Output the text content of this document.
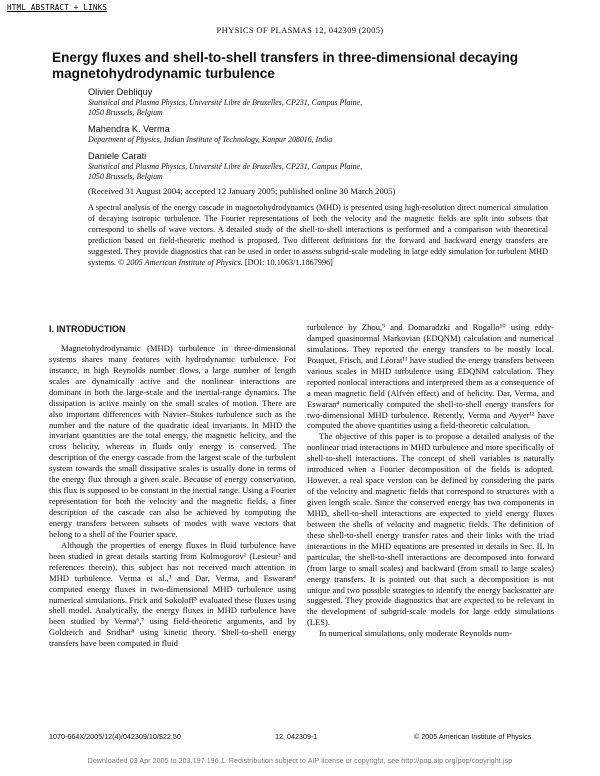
HTML ABSTRACT + LINKS
PHYSICS OF PLASMAS 12, 042309 (2005)
Energy fluxes and shell-to-shell transfers in three-dimensional decaying
magnetohydrodynamic turbulence
Olivier Debliquy
Statistical and Plasma Physics, Université Libre de Bruxelles, CP231, Campus Plaine,
1050 Brussels, Belgium
Mahendra K. Verma
Department of Physics, Indian Institute of Technology, Kanpur 208016, India
Daniele Carati
Statistical and Plasma Physics, Université Libre de Bruxelles, CP231, Campus Plaine,
1050 Brussels, Belgium
(Received 31 August 2004; accepted 12 January 2005; published online 30 March 2005)
A spectral analysis of the energy cascade in magnetohydrodynamics (MHD) is presented using high-resolution direct numerical simulation of decaying isotropic turbulence. The Fourier representations of both the velocity and the magnetic fields are split into subsets that correspond to shells of wave vectors. A detailed study of the shell-to-shell interactions is performed and a comparison with theoretical prediction based on field-theoretic method is proposed. Two different definitions for the forward and backward energy transfers are suggested. They provide diagnostics that can be used in order to assess subgrid-scale modeling in large eddy simulation for turbulent MHD systems. © 2005 American Institute of Physics. [DOI: 10.1063/1.1867996]
I. INTRODUCTION

Magnetohydrodynamic (MHD) turbulence in three-dimensional systems shares many features with hydrodynamic turbulence. For instance, in high Reynolds number flows, a large number of length scales are dynamically active and the nonlinear interactions are dominant in both the large-scale and the inertial-range dynamics. The dissipation is active mainly on the small scales of motion. There are also important differences with Navier–Stokes turbulence such as the number and the nature of the quadratic ideal invariants. In MHD the invariant quantities are the total energy, the magnetic helicity, and the cross helicity, whereas in fluids only energy is conserved. The description of the energy cascade from the largest scale of the turbulent system towards the small dissipative scales is usually done in terms of the energy flux through a given scale. Because of energy conservation, this flux is supposed to be constant in the inertial range. Using a Fourier representation for both the velocity and the magnetic fields, a finer description of the cascade can also be achieved by computing the energy transfers between subsets of modes with wave vectors that belong to a shell of the Fourier space.

Although the properties of energy fluxes in fluid turbulence have been studied in great details starting from Kolmogorov¹ (Lesieur² and references therein), this subject has not received much attention in MHD turbulence. Verma et al.,³ and Dar, Verma, and Eswaran⁴ computed energy fluxes in two-dimensional MHD turbulence using numerical simulations. Frick and Sokoloff⁵ evaluated these fluxes using shell model. Analytically, the energy fluxes in MHD turbulence have been studied by Verma⁶,⁷ using field-theoretic arguments, and by Goldreich and Sridhar⁸ using kinetic theory. Shell-to-shell energy transfers have been computed in fluid

turbulence by Zhou,⁹ and Domaradzki and Rogallo¹⁰ using eddy-damped quasinormal Markovian (EDQNM) calculation and numerical simulations. They reported the energy transfers to be mostly local. Pouquet, Frisch, and Léorat¹¹ have studied the energy transfers between various scales in MHD turbulence using EDQNM calculation. They reported nonlocal interactions and interpreted them as a consequence of a mean magnetic field (Alfvén effect) and of helicity. Dar, Verma, and Eswaran⁴ numerically computed the shell-to-shell energy transfers for two-dimensional MHD turbulence. Recently, Verma and Ayyer¹² have computed the above quantities using a field-theoretic calculation.

The objective of this paper is to propose a detailed analysis of the nonlinear triad interactions in MHD turbulence and more specifically of shell-to-shell interactions. The concept of shell variables is naturally introduced when a Fourier decomposition of the fields is adopted. However, a real space version can be defined by considering the parts of the velocity and magnetic fields that correspond to structures with a given length scale. Since the conserved energy has two components in MHD, shell-to-shell interactions are expected to yield energy fluxes between the shells of velocity and magnetic fields. The definition of these shell-to-shell energy transfer rates and their links with the triad interactions in the MHD equations are presented in details in Sec. II. In particular, the shell-to-shell interactions are decomposed into forward (from large to small scales) and backward (from small to large scales) energy transfers. It is pointed out that such a decomposition is not unique and two possible strategies to identify the energy backscatter are suggested. They provide diagnostics that are expected to be relevant in the development of subgrid-scale models for large eddy simulations (LES).

In numerical simulations, only moderate Reynolds num-

1070-664X/2005/12(4)/042309/10/$22.50	12, 042309-1	© 2005 American Institute of Physics
Downloaded 03 Apr 2005 to 203.197.196.1. Redistribution subject to AIP license or copyright, see http://pop.aip.org/pop/copyright.jsp
